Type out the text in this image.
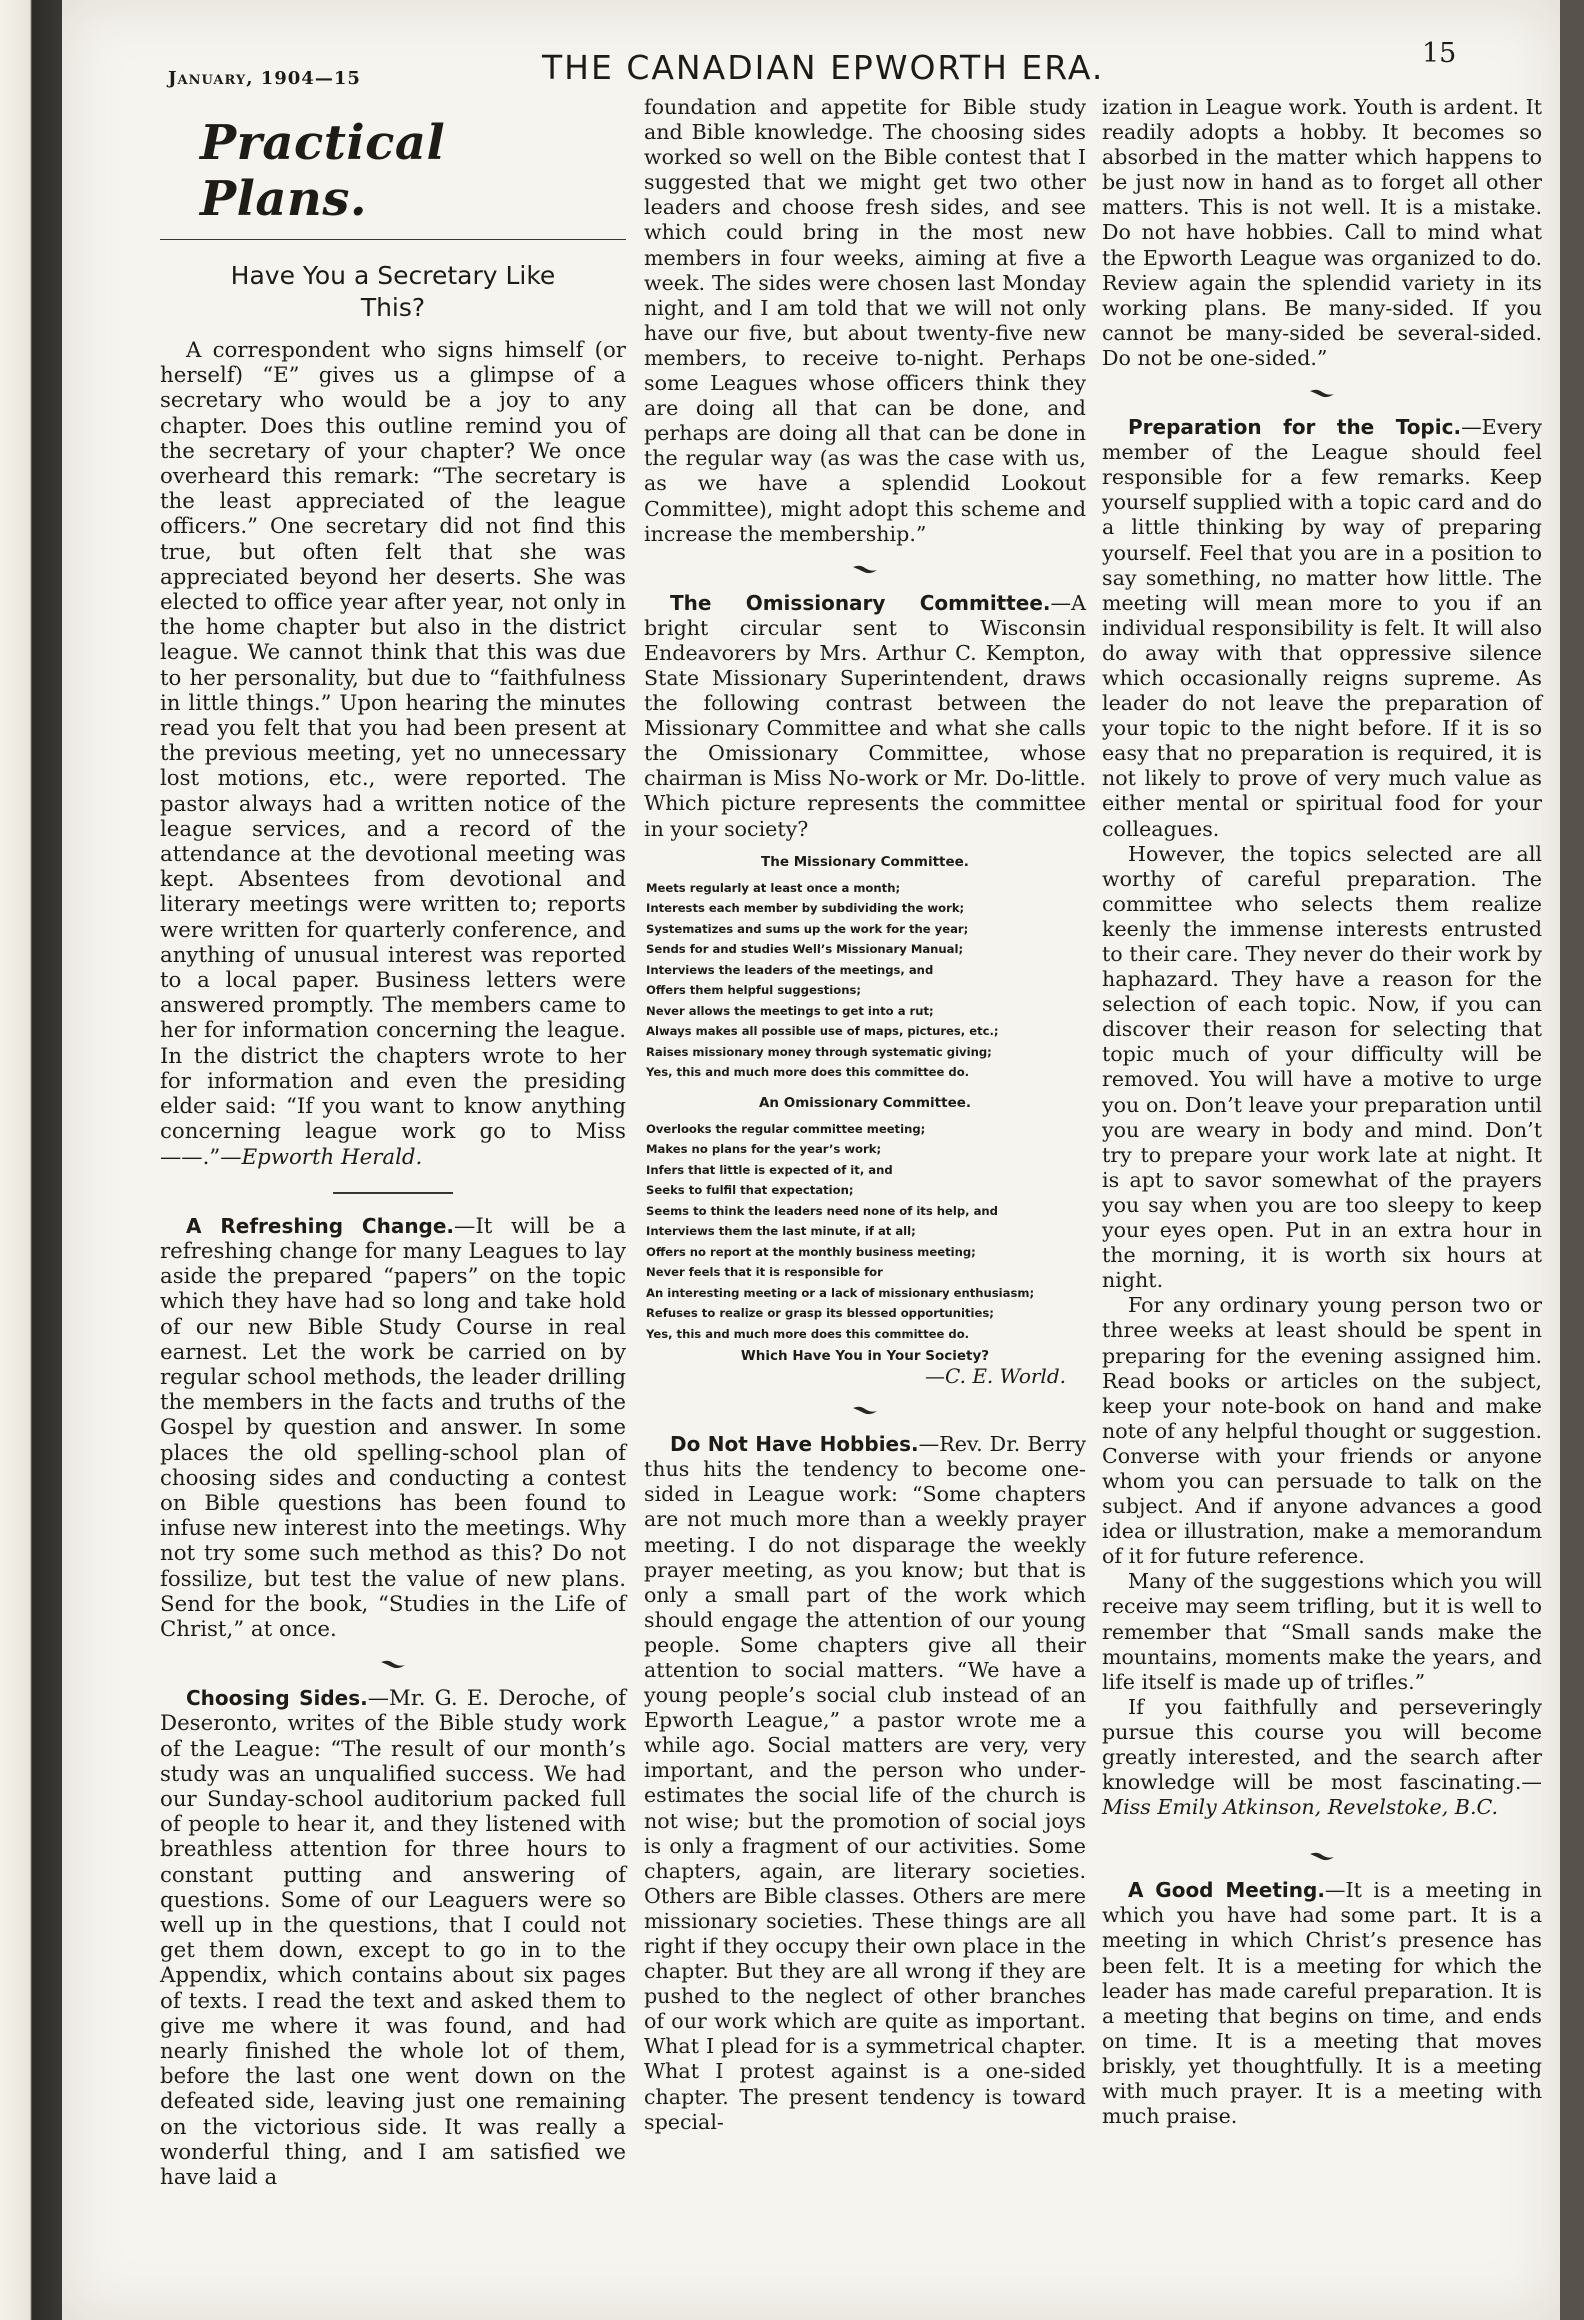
January, 1904—15	THE CANADIAN EPWORTH ERA.	15
Practical Plans.
Have You a Secretary Like
This?

A correspondent who signs himself (or herself) “E” gives us a glimpse of a secretary who would be a joy to any chapter. Does this outline remind you of the secretary of your chapter? We once overheard this remark: “The secretary is the least appreciated of the league officers.” One secretary did not find this true, but often felt that she was appreciated beyond her deserts. She was elected to office year after year, not only in the home chapter but also in the district league. We cannot think that this was due to her personality, but due to “faithfulness in little things.” Upon hearing the minutes read you felt that you had been present at the previous meeting, yet no unnecessary lost motions, etc., were reported. The pastor always had a written notice of the league services, and a record of the attendance at the devotional meeting was kept. Absentees from devotional and literary meetings were written to; reports were written for quarterly conference, and anything of unusual interest was reported to a local paper. Business letters were answered promptly. The members came to her for information concerning the league. In the district the chapters wrote to her for information and even the presiding elder said: “If you want to know anything concerning league work go to Miss ——.”—Epworth Herald.

A Refreshing Change.—It will be a refreshing change for many Leagues to lay aside the prepared “papers” on the topic which they have had so long and take hold of our new Bible Study Course in real earnest. Let the work be carried on by regular school methods, the leader drilling the members in the facts and truths of the Gospel by question and answer. In some places the old spelling-school plan of choosing sides and conducting a contest on Bible questions has been found to infuse new interest into the meetings. Why not try some such method as this? Do not fossilize, but test the value of new plans. Send for the book, “Studies in the Life of Christ,” at once.

Choosing Sides.—Mr. G. E. Deroche, of Deseronto, writes of the Bible study work of the League: “The result of our month’s study was an unqualified success. We had our Sunday-school auditorium packed full of people to hear it, and they listened with breathless attention for three hours to constant putting and answering of questions. Some of our Leaguers were so well up in the questions, that I could not get them down, except to go in to the Appendix, which contains about six pages of texts. I read the text and asked them to give me where it was found, and had nearly finished the whole lot of them, before the last one went down on the defeated side, leaving just one remaining on the victorious side. It was really a wonderful thing, and I am satisfied we have laid a

foundation and appetite for Bible study and Bible knowledge. The choosing sides worked so well on the Bible contest that I suggested that we might get two other leaders and choose fresh sides, and see which could bring in the most new members in four weeks, aiming at five a week. The sides were chosen last Monday night, and I am told that we will not only have our five, but about twenty-five new members, to receive to-night. Perhaps some Leagues whose officers think they are doing all that can be done, and perhaps are doing all that can be done in the regular way (as was the case with us, as we have a splendid Lookout Committee), might adopt this scheme and increase the membership.”

The Omissionary Committee.—A bright circular sent to Wisconsin Endeavorers by Mrs. Arthur C. Kempton, State Missionary Superintendent, draws the following contrast between the Missionary Committee and what she calls the Omissionary Committee, whose chairman is Miss No-work or Mr. Do-little. Which picture represents the committee in your society?

The Missionary Committee.
Meets regularly at least once a month;
Interests each member by subdividing the work;
Systematizes and sums up the work for the year;
Sends for and studies Well’s Missionary Manual;
Interviews the leaders of the meetings, and
Offers them helpful suggestions;
Never allows the meetings to get into a rut;
Always makes all possible use of maps, pictures, etc.;
Raises missionary money through systematic giving;
Yes, this and much more does this committee do.
An Omissionary Committee.
Overlooks the regular committee meeting;
Makes no plans for the year’s work;
Infers that little is expected of it, and
Seeks to fulfil that expectation;
Seems to think the leaders need none of its help, and
Interviews them the last minute, if at all;
Offers no report at the monthly business meeting;
Never feels that it is responsible for
An interesting meeting or a lack of missionary enthusiasm;
Refuses to realize or grasp its blessed opportunities;
Yes, this and much more does this committee do.
Which Have You in Your Society?
—C. E. World.

Do Not Have Hobbies.—Rev. Dr. Berry thus hits the tendency to become one-sided in League work: “Some chapters are not much more than a weekly prayer meeting. I do not disparage the weekly prayer meeting, as you know; but that is only a small part of the work which should engage the attention of our young people. Some chapters give all their attention to social matters. “We have a young people’s social club instead of an Epworth League,” a pastor wrote me a while ago. Social matters are very, very important, and the person who under-estimates the social life of the church is not wise; but the promotion of social joys is only a fragment of our activities. Some chapters, again, are literary societies. Others are Bible classes. Others are mere missionary societies. These things are all right if they occupy their own place in the chapter. But they are all wrong if they are pushed to the neglect of other branches of our work which are quite as important. What I plead for is a symmetrical chapter. What I protest against is a one-sided chapter. The present tendency is toward special-

ization in League work. Youth is ardent. It readily adopts a hobby. It becomes so absorbed in the matter which happens to be just now in hand as to forget all other matters. This is not well. It is a mistake. Do not have hobbies. Call to mind what the Epworth League was organized to do. Review again the splendid variety in its working plans. Be many-sided. If you cannot be many-sided be several-sided. Do not be one-sided.”

Preparation for the Topic.—Every member of the League should feel responsible for a few remarks. Keep yourself supplied with a topic card and do a little thinking by way of preparing yourself. Feel that you are in a position to say something, no matter how little. The meeting will mean more to you if an individual responsibility is felt. It will also do away with that oppressive silence which occasionally reigns supreme. As leader do not leave the preparation of your topic to the night before. If it is so easy that no preparation is required, it is not likely to prove of very much value as either mental or spiritual food for your colleagues.

However, the topics selected are all worthy of careful preparation. The committee who selects them realize keenly the immense interests entrusted to their care. They never do their work by haphazard. They have a reason for the selection of each topic. Now, if you can discover their reason for selecting that topic much of your difficulty will be removed. You will have a motive to urge you on. Don’t leave your preparation until you are weary in body and mind. Don’t try to prepare your work late at night. It is apt to savor somewhat of the prayers you say when you are too sleepy to keep your eyes open. Put in an extra hour in the morning, it is worth six hours at night.

For any ordinary young person two or three weeks at least should be spent in preparing for the evening assigned him. Read books or articles on the subject, keep your note-book on hand and make note of any helpful thought or suggestion. Converse with your friends or anyone whom you can persuade to talk on the subject. And if anyone advances a good idea or illustration, make a memorandum of it for future reference.

Many of the suggestions which you will receive may seem trifling, but it is well to remember that “Small sands make the mountains, moments make the years, and life itself is made up of trifles.”

If you faithfully and perseveringly pursue this course you will become greatly interested, and the search after knowledge will be most fascinating.—Miss Emily Atkinson, Revelstoke, B.C.

A Good Meeting.—It is a meeting in which you have had some part. It is a meeting in which Christ’s presence has been felt. It is a meeting for which the leader has made careful preparation. It is a meeting that begins on time, and ends on time. It is a meeting that moves briskly, yet thoughtfully. It is a meeting with much prayer. It is a meeting with much praise.
